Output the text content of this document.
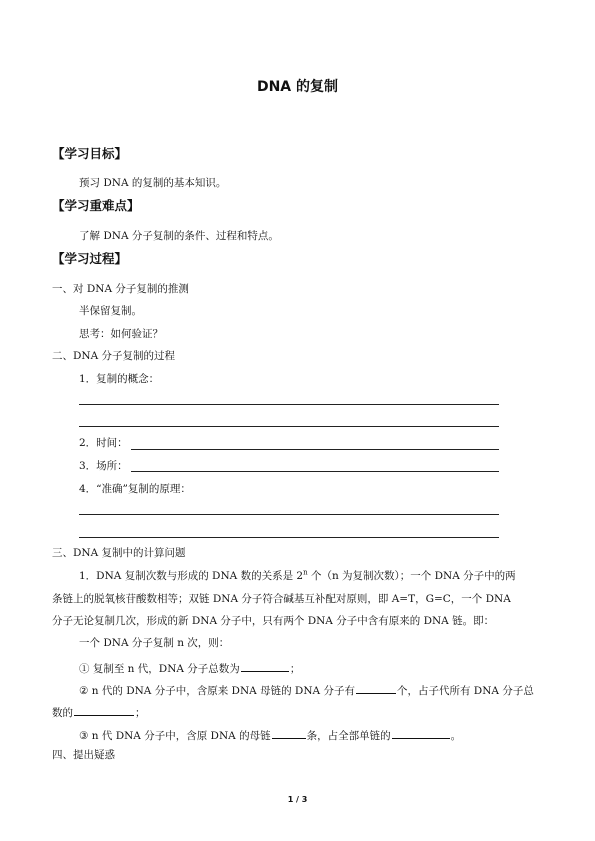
DNA 的复制
【学习目标】
预习 DNA 的复制的基本知识。
【学习重难点】
了解 DNA 分子复制的条件、过程和特点。
【学习过程】
一、对 DNA 分子复制的推测
半保留复制。
思考：如何验证？
二、DNA 分子复制的过程
1．复制的概念：
2．时间：
3．场所：
4．“准确”复制的原理：
三、DNA 复制中的计算问题
1．DNA 复制次数与形成的 DNA 数的关系是 2$^n$ 个（n 为复制次数）；一个 DNA 分子中的两
条链上的脱氧核苷酸数相等；双链 DNA 分子符合碱基互补配对原则，即 A=T，G=C，一个 DNA
分子无论复制几次，形成的新 DNA 分子中，只有两个 DNA 分子中含有原来的 DNA 链。即：
一个 DNA 分子复制 n 次，则：
① 复制至 n 代，DNA 分子总数为	；
② n 代的 DNA 分子中，含原来 DNA 母链的 DNA 分子有	个，占子代所有 DNA 分子总
数的	；
③ n 代 DNA 分子中，含原 DNA 的母链	条，占全部单链的	。
四、提出疑惑
1 / 3
